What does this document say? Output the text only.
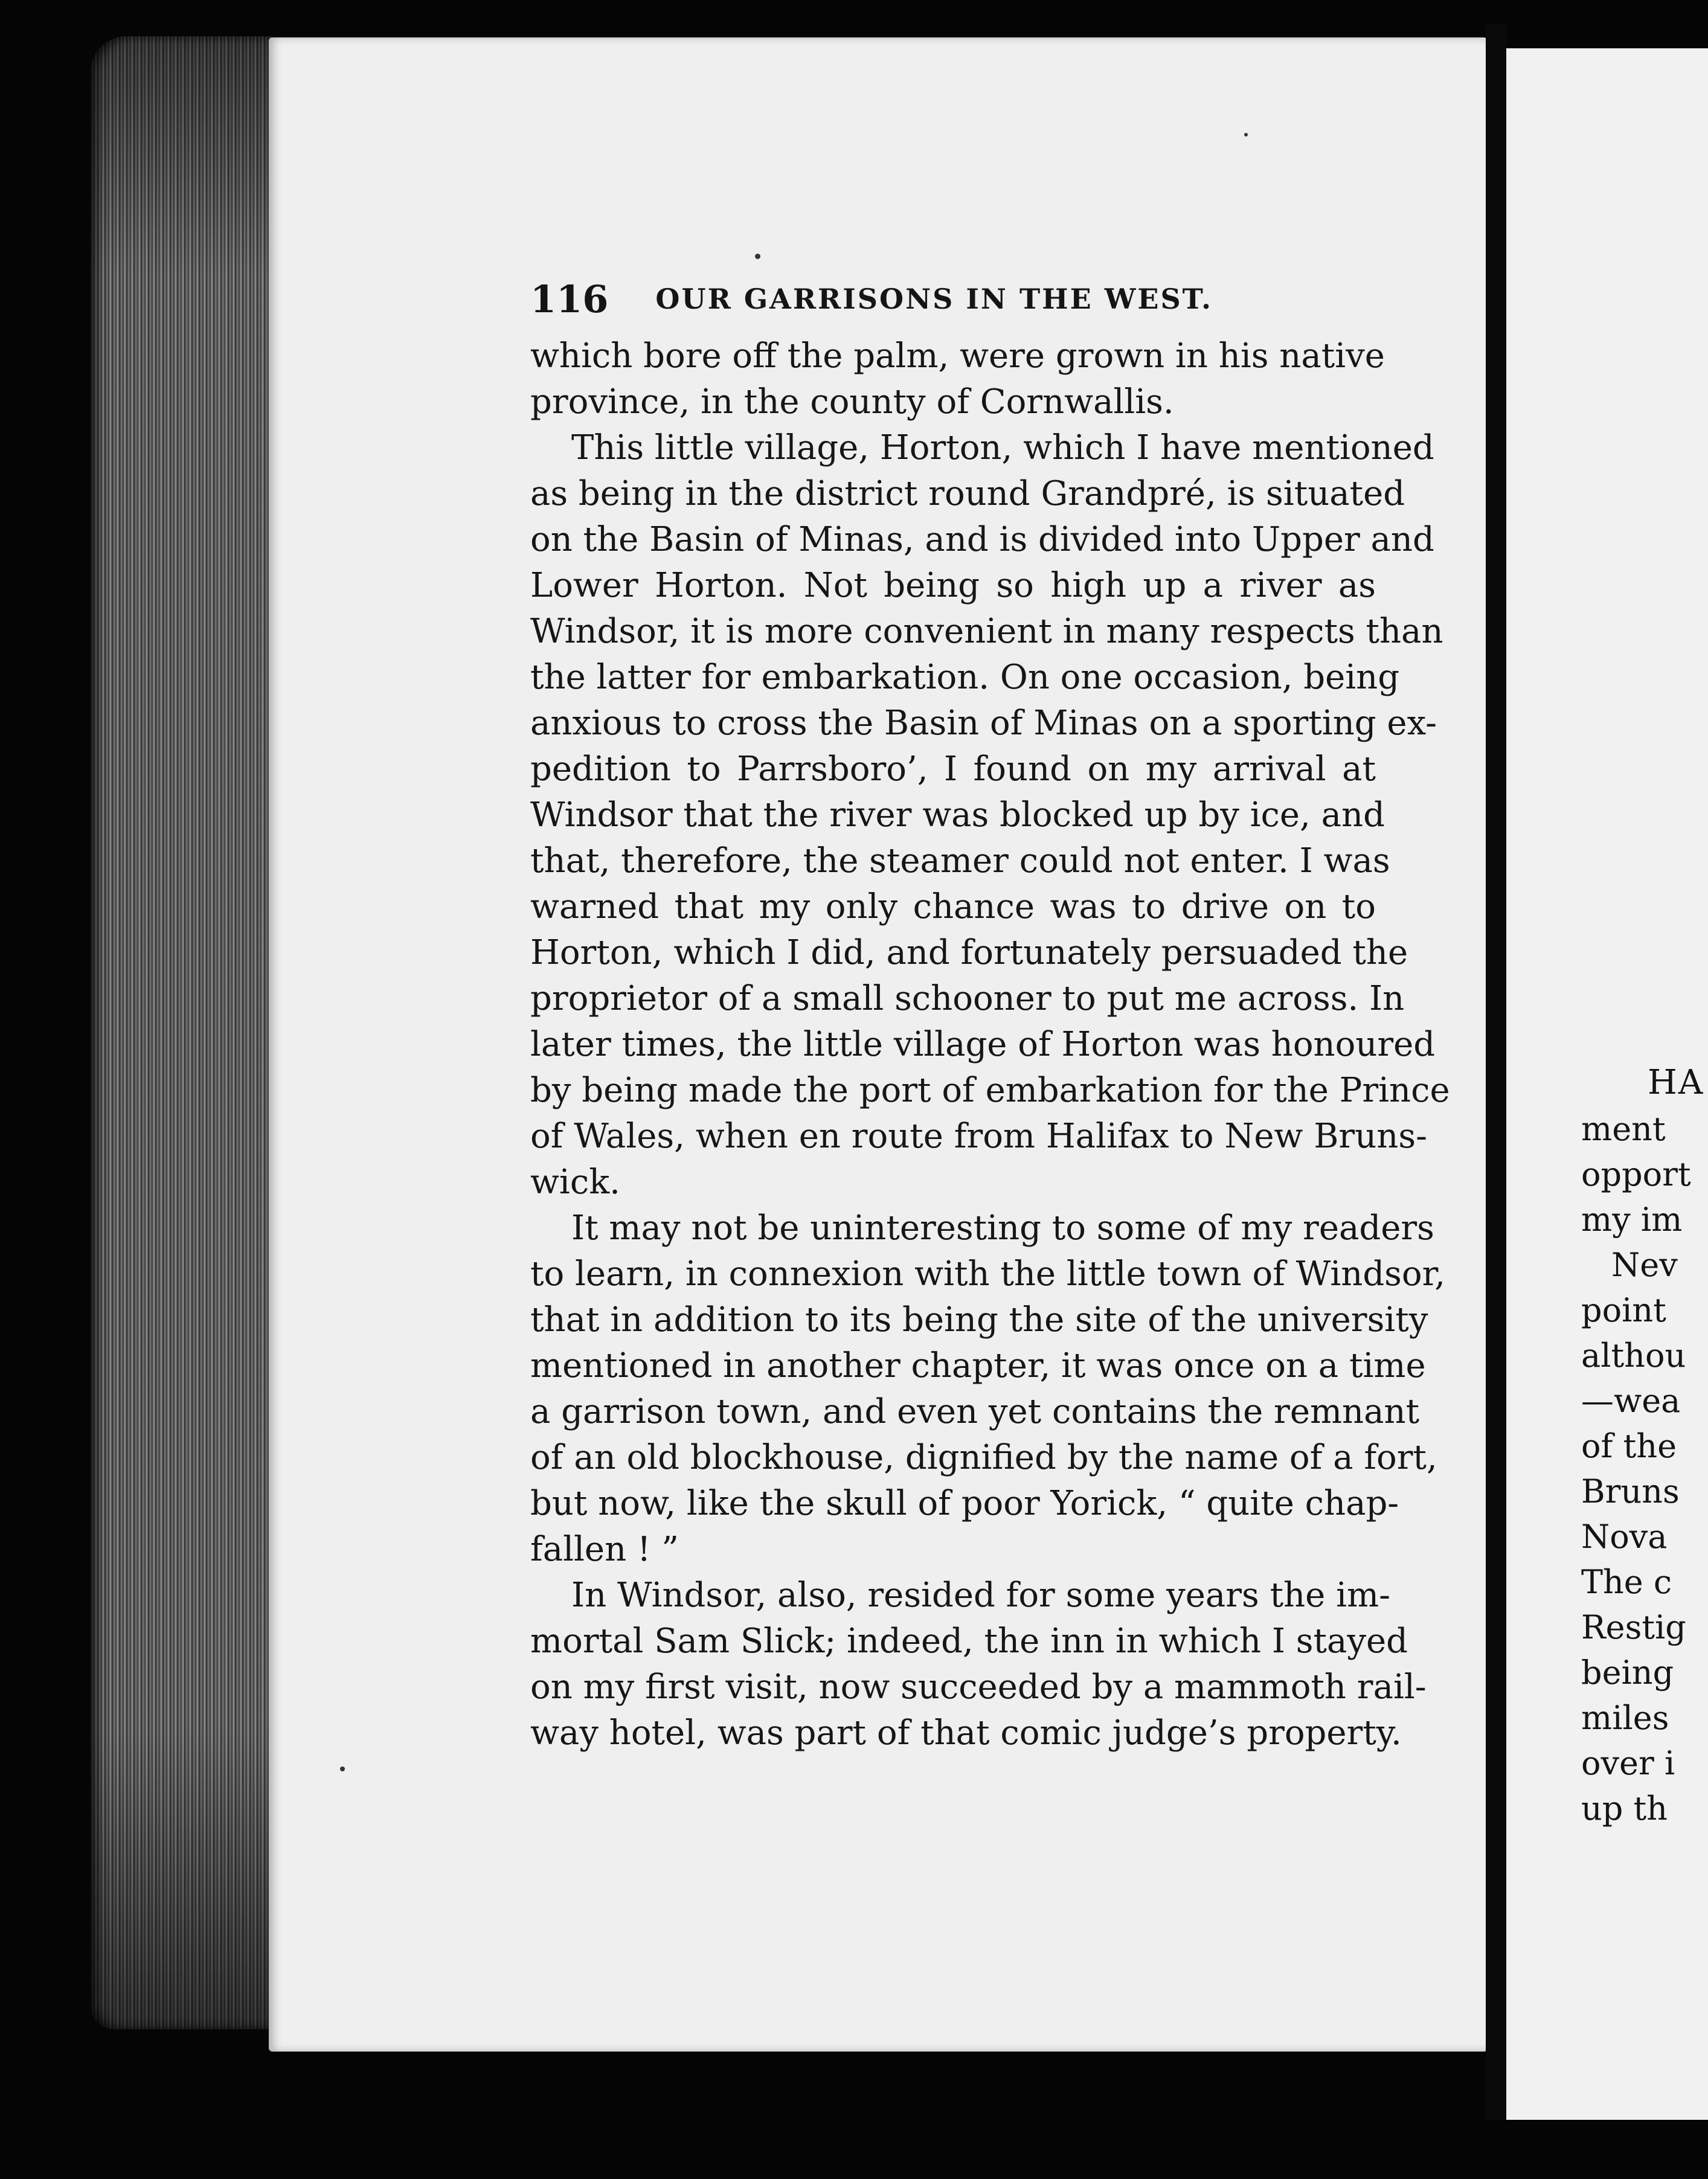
116 OUR GARRISONS IN THE WEST.
which bore off the palm, were grown in his native
province, in the county of Cornwallis.
This little village, Horton, which I have mentioned
as being in the district round Grandpré, is situated
on the Basin of Minas, and is divided into Upper and
Lower Horton. Not being so high up a river as
Windsor, it is more convenient in many respects than
the latter for embarkation. On one occasion, being
anxious to cross the Basin of Minas on a sporting ex-
pedition to Parrsboro’, I found on my arrival at
Windsor that the river was blocked up by ice, and
that, therefore, the steamer could not enter. I was
warned that my only chance was to drive on to
Horton, which I did, and fortunately persuaded the
proprietor of a small schooner to put me across. In
later times, the little village of Horton was honoured
by being made the port of embarkation for the Prince
of Wales, when en route from Halifax to New Bruns-
wick.
It may not be uninteresting to some of my readers
to learn, in connexion with the little town of Windsor,
that in addition to its being the site of the university
mentioned in another chapter, it was once on a time
a garrison town, and even yet contains the remnant
of an old blockhouse, dignified by the name of a fort,
but now, like the skull of poor Yorick, “ quite chap-
fallen ! ”
In Windsor, also, resided for some years the im-
mortal Sam Slick; indeed, the inn in which I stayed
on my first visit, now succeeded by a mammoth rail-
way hotel, was part of that comic judge’s property.
HA
ment
opport
my im
Nev
point
althou
—wea
of the
Bruns
Nova
The c
Restig
being
miles
over i
up th
